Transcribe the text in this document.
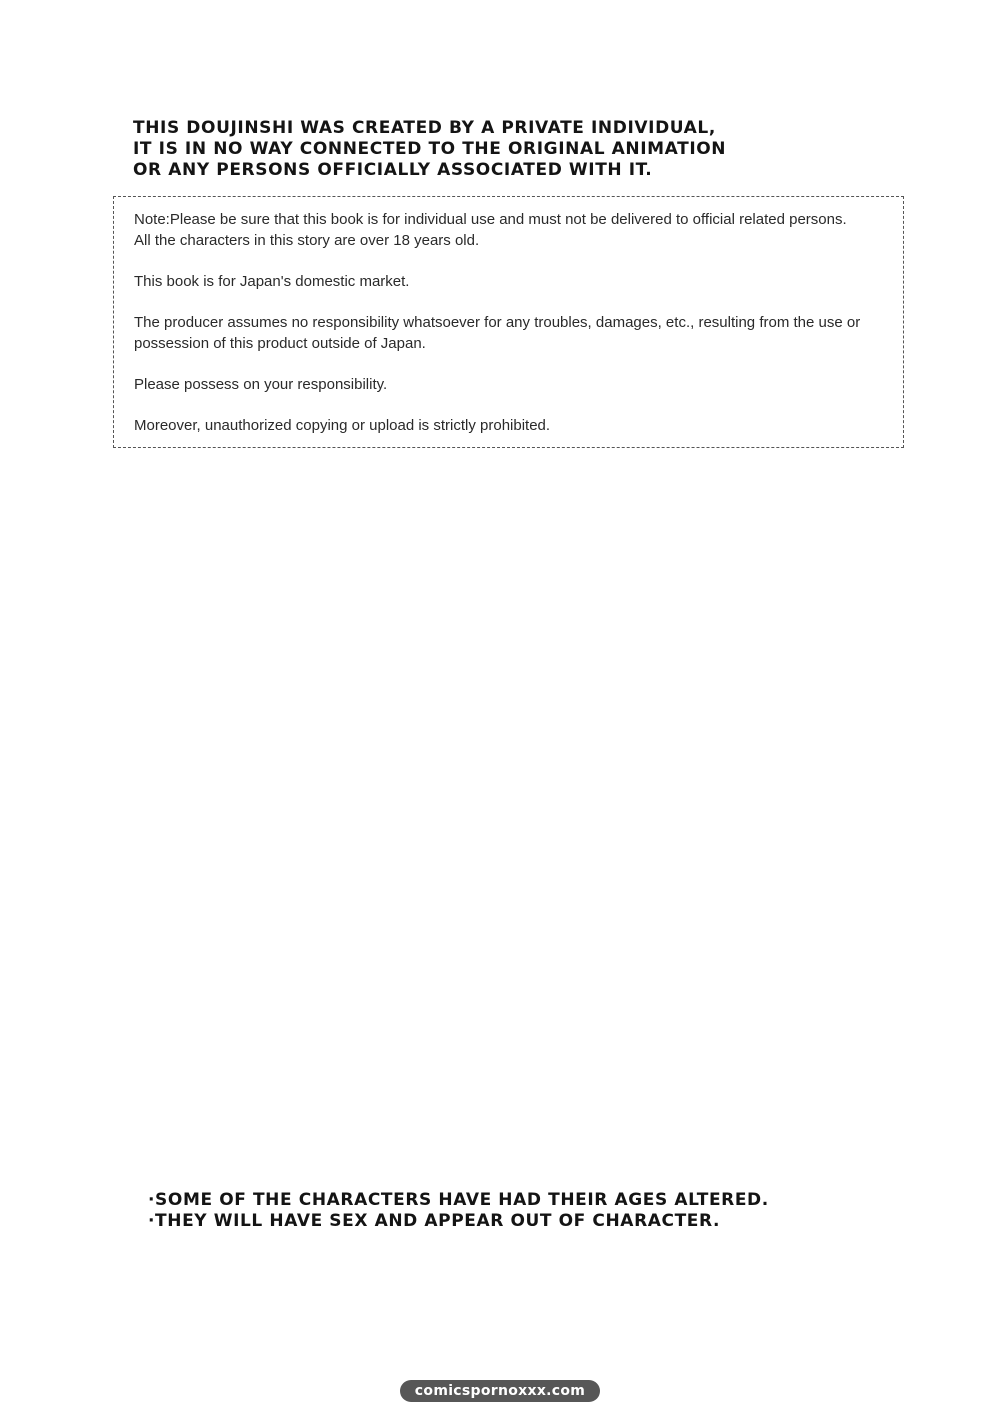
THIS DOUJINSHI WAS CREATED BY A PRIVATE INDIVIDUAL,
IT IS IN NO WAY CONNECTED TO THE ORIGINAL ANIMATION
OR ANY PERSONS OFFICIALLY ASSOCIATED WITH IT.

Note:Please be sure that this book is for individual use and must not be delivered to official related persons.
All the characters in this story are over 18 years old.

This book is for Japan's domestic market.

The producer assumes no responsibility whatsoever for any troubles, damages, etc., resulting from the use or
possession of this product outside of Japan.

Please possess on your responsibility.

Moreover, unauthorized copying or upload is strictly prohibited.

·SOME OF THE CHARACTERS HAVE HAD THEIR AGES ALTERED.
·THEY WILL HAVE SEX AND APPEAR OUT OF CHARACTER.
comicspornoxxx.com
